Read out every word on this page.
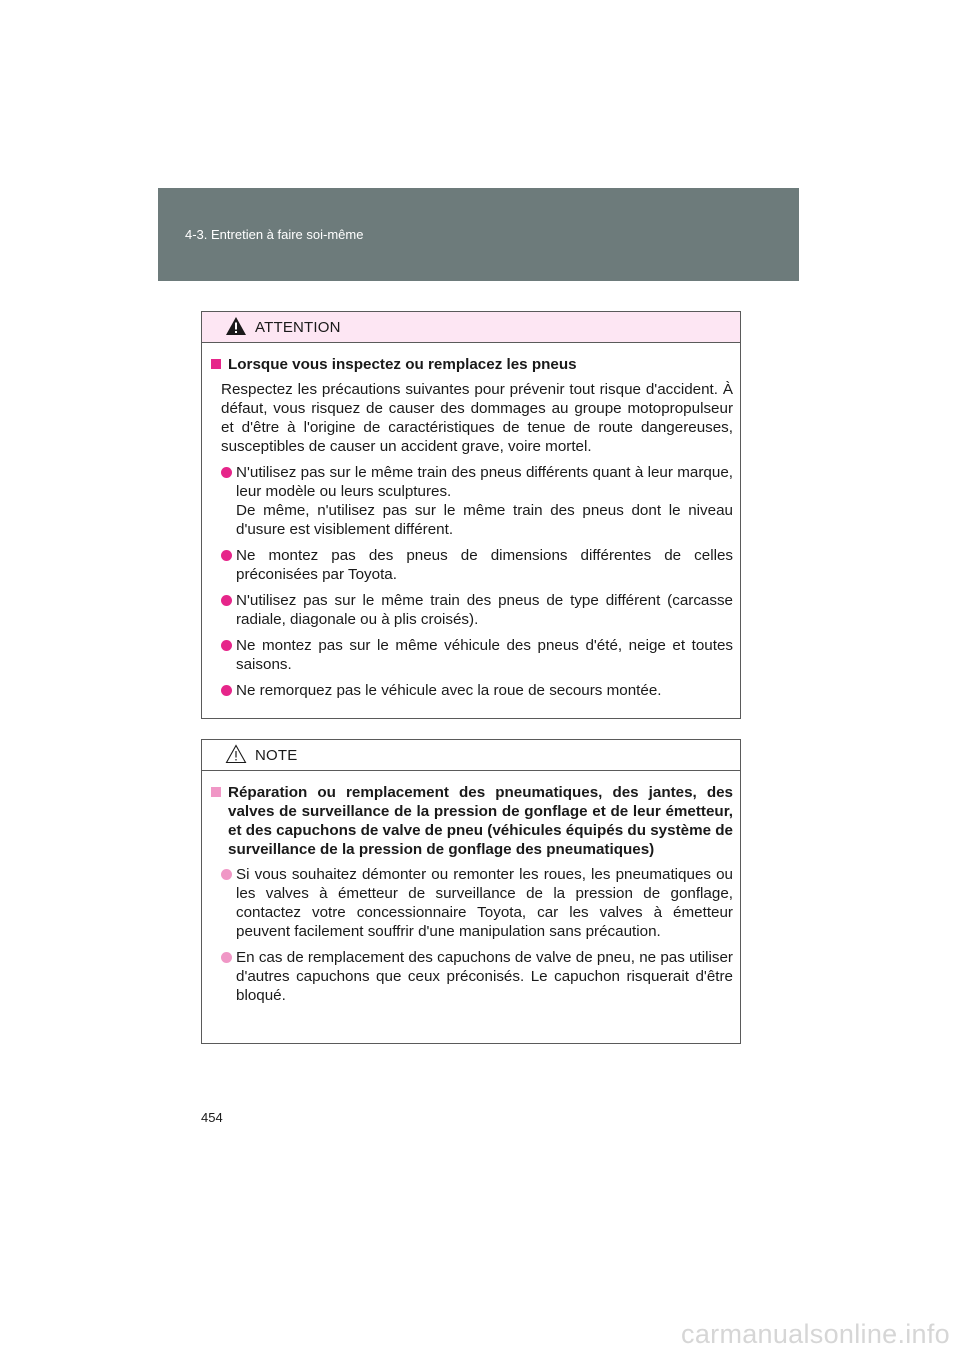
4-3. Entretien à faire soi-même
ATTENTION
Lorsque vous inspectez ou remplacez les pneus
Respectez les précautions suivantes pour prévenir tout risque d'accident. À défaut, vous risquez de causer des dommages au groupe motopropulseur et d'être à l'origine de caractéristiques de tenue de route dangereuses, susceptibles de causer un accident grave, voire mortel.
N'utilisez pas sur le même train des pneus différents quant à leur marque, leur modèle ou leurs sculptures.
De même, n'utilisez pas sur le même train des pneus dont le niveau d'usure est visiblement différent.
Ne montez pas des pneus de dimensions différentes de celles préconisées par Toyota.
N'utilisez pas sur le même train des pneus de type différent (carcasse radiale, diagonale ou à plis croisés).
Ne montez pas sur le même véhicule des pneus d'été, neige et toutes saisons.
Ne remorquez pas le véhicule avec la roue de secours montée.
NOTE
Réparation ou remplacement des pneumatiques, des jantes, des valves de surveillance de la pression de gonflage et de leur émetteur, et des capuchons de valve de pneu (véhicules équipés du système de surveillance de la pression de gonflage des pneumatiques)
Si vous souhaitez démonter ou remonter les roues, les pneumatiques ou les valves à émetteur de surveillance de la pression de gonflage, contactez votre concessionnaire Toyota, car les valves à émetteur peuvent facilement souffrir d'une manipulation sans précaution.
En cas de remplacement des capuchons de valve de pneu, ne pas utiliser d'autres capuchons que ceux préconisés. Le capuchon risquerait d'être bloqué.
454
carmanualsonline.info
